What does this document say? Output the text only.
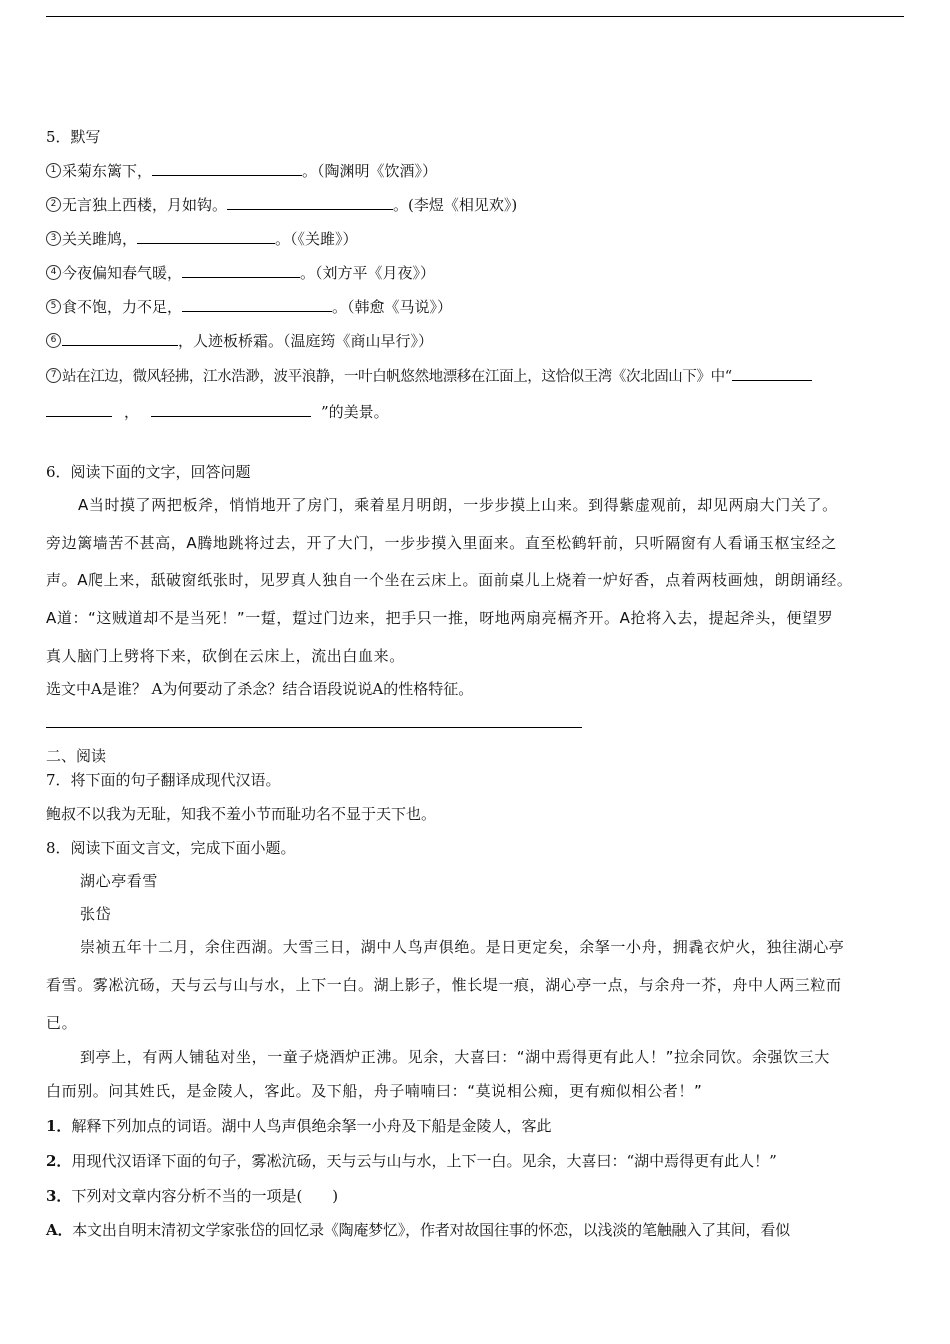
5．默写
1 采菊东篱下，	。（陶渊明《饮酒》）
2 无言独上西楼，月如钩。	。(李煜《相见欢》)
3 关关雎鸠，	。（《关雎》）
4 今夜偏知春气暖，	。（刘方平《月夜》）
5 食不饱，力不足，	。（韩愈《马说》）
6	，人迹板桥霜。（温庭筠《商山早行》）
7 站在江边，微风轻拂，江水浩渺，波平浪静，一叶白帆悠然地漂移在江面上，这恰似王湾《次北固山下》中“
，	”的美景。
6．阅读下面的文字，回答问题
A当时摸了两把板斧，悄悄地开了房门，乘着星月明朗，一步步摸上山来。到得紫虚观前，却见两扇大门关了。
旁边篱墙苦不甚高，A腾地跳将过去，开了大门，一步步摸入里面来。直至松鹤轩前，只听隔窗有人看诵玉枢宝经之
声。A爬上来，舐破窗纸张时，见罗真人独自一个坐在云床上。面前桌儿上烧着一炉好香，点着两枝画烛，朗朗诵经。
A道：“这贼道却不是当死！”一踅，踅过门边来，把手只一推，呀地两扇亮槅齐开。A抢将入去，提起斧头，便望罗
真人脑门上劈将下来，砍倒在云床上，流出白血来。
选文中A是谁？ A为何要动了杀念？结合语段说说A的性格特征。
二、阅读
7．将下面的句子翻译成现代汉语。
鲍叔不以我为无耻，知我不羞小节而耻功名不显于天下也。
8．阅读下面文言文，完成下面小题。
湖心亭看雪
张岱
崇祯五年十二月，余住西湖。大雪三日，湖中人鸟声俱绝。是日更定矣，余拏一小舟，拥毳衣炉火，独往湖心亭
看雪。雾凇沆砀，天与云与山与水，上下一白。湖上影子，惟长堤一痕，湖心亭一点，与余舟一芥，舟中人两三粒而
已。
到亭上，有两人铺毡对坐，一童子烧酒炉正沸。见余，大喜曰：“湖中焉得更有此人！”拉余同饮。余强饮三大
白而别。问其姓氏，是金陵人，客此。及下船，舟子喃喃曰：“莫说相公痴，更有痴似相公者！”
1．解释下列加点的词语。湖中人鸟声俱绝余拏一小舟及下船是金陵人，客此
2．用现代汉语译下面的句子，雾凇沆砀，天与云与山与水，上下一白。见余，大喜曰：“湖中焉得更有此人！”
3．下列对文章内容分析不当的一项是(　　)
A．本文出自明末清初文学家张岱的回忆录《陶庵梦忆》，作者对故国往事的怀恋，以浅淡的笔触融入了其间，看似
